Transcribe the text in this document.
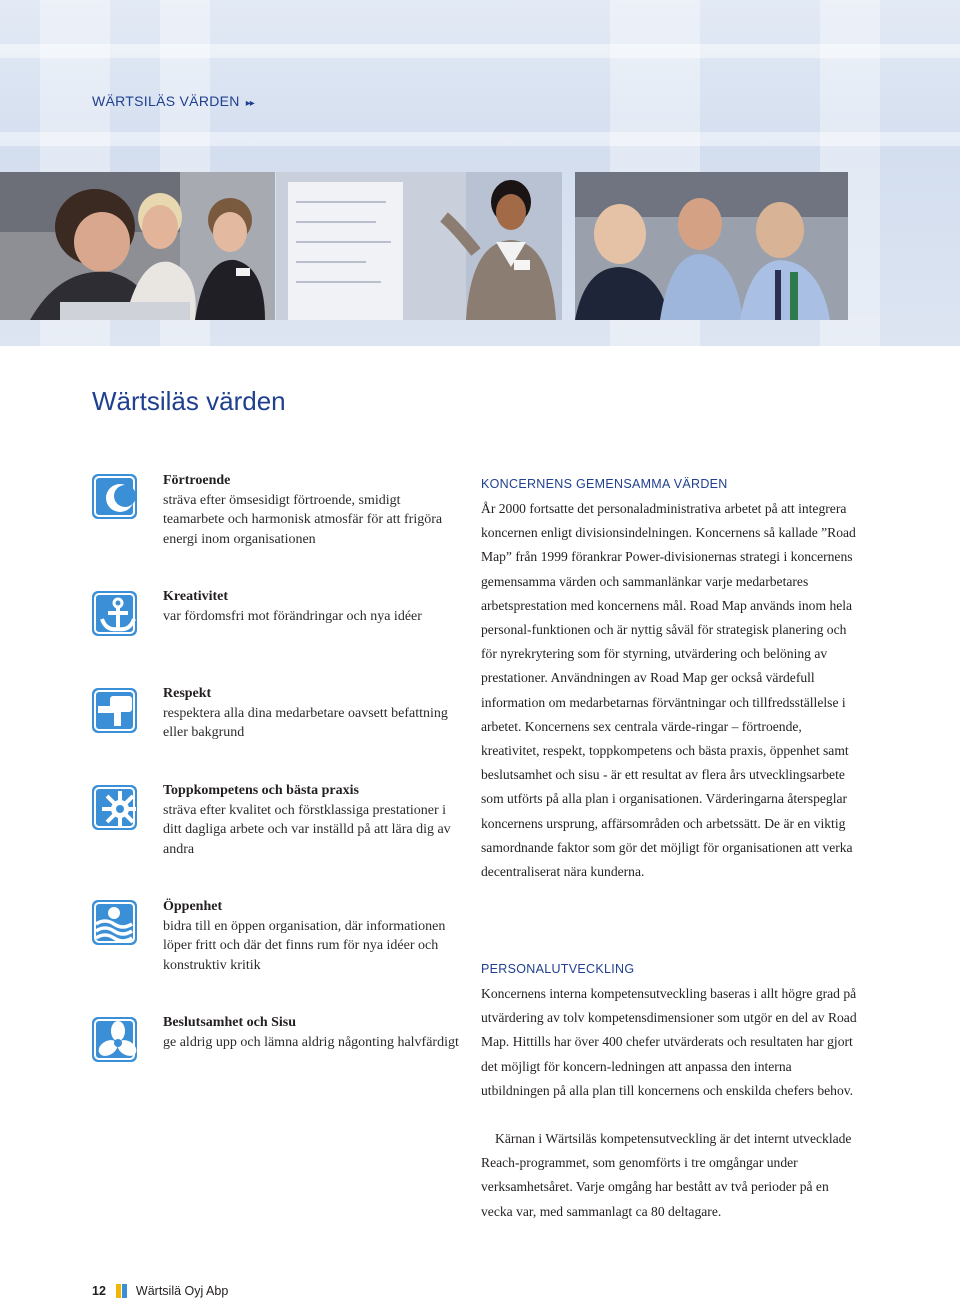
WÄRTSILÄS VÄRDEN ▸▸
Wärtsiläs värden
Förtroende
sträva efter ömsesidigt förtroende, smidigt teamarbete och harmonisk atmosfär för att frigöra energi inom organisationen
Kreativitet
var fördomsfri mot förändringar och nya idéer
Respekt
respektera alla dina medarbetare oavsett befattning eller bakgrund
Toppkompetens och bästa praxis
sträva efter kvalitet och förstklassiga prestationer i ditt dagliga arbete och var inställd på att lära dig av andra
Öppenhet
bidra till en öppen organisation, där informationen löper fritt och där det finns rum för nya idéer och konstruktiv kritik
Beslutsamhet och Sisu
ge aldrig upp och lämna aldrig någonting halvfärdigt
KONCERNENS GEMENSAMMA VÄRDEN
År 2000 fortsatte det personaladministrativa arbetet på att integrera koncernen enligt divisionsindelningen. Koncernens så kallade ”Road Map” från 1999 förankrar Power-divisionernas strategi i koncernens gemensamma värden och sammanlänkar varje medarbetares arbetsprestation med koncernens mål. Road Map används inom hela personal-funktionen och är nyttig såväl för strategisk planering och för nyrekrytering som för styrning, utvärdering och belöning av prestationer. Användningen av Road Map ger också värdefull information om medarbetarnas förväntningar och tillfredsställelse i arbetet. Koncernens sex centrala värde-ringar – förtroende, kreativitet, respekt, toppkompetens och bästa praxis, öppenhet samt beslutsamhet och sisu - är ett resultat av flera års utvecklingsarbete som utförts på alla plan i organisationen. Värderingarna återspeglar koncernens ursprung, affärsområden och arbetssätt. De är en viktig samordnande faktor som gör det möjligt för organisationen att verka decentraliserat nära kunderna.
PERSONALUTVECKLING
Koncernens interna kompetensutveckling baseras i allt högre grad på utvärdering av tolv kompetensdimensioner som utgör en del av Road Map. Hittills har över 400 chefer utvärderats och resultaten har gjort det möjligt för koncern-ledningen att anpassa den interna utbildningen på alla plan till koncernens och enskilda chefers behov.
Kärnan i Wärtsiläs kompetensutveckling är det internt utvecklade Reach-programmet, som genomförts i tre omgångar under verksamhetsåret. Varje omgång har bestått av två perioder på en vecka var, med sammanlagt ca 80 deltagare.
12 Wärtsilä Oyj Abp
